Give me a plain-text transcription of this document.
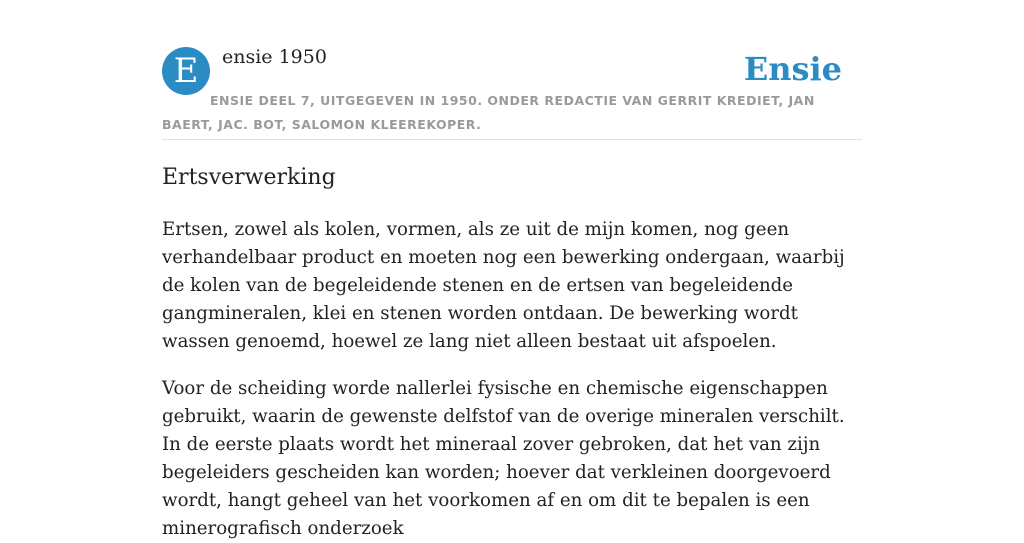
E	ensie 1950	Ensie
ENSIE DEEL 7, UITGEGEVEN IN 1950. ONDER REDACTIE VAN GERRIT KREDIET, JAN BAERT, JAC. BOT, SALOMON KLEEREKOPER.
Ertsverwerking

Ertsen, zowel als kolen, vormen, als ze uit de mijn komen, nog geen verhandelbaar product en moeten nog een bewerking ondergaan, waarbij de kolen van de begeleidende stenen en de ertsen van begeleidende gangmineralen, klei en stenen worden ontdaan. De bewerking wordt wassen genoemd, hoewel ze lang niet alleen bestaat uit afspoelen.

Voor de scheiding worde nallerlei fysische en chemische eigenschappen gebruikt, waarin de gewenste delfstof van de overige mineralen verschilt. In de eerste plaats wordt het mineraal zover gebroken, dat het van zijn begeleiders gescheiden kan worden; hoever dat verkleinen doorgevoerd wordt, hangt geheel van het voorkomen af en om dit te bepalen is een minerografisch onderzoek
